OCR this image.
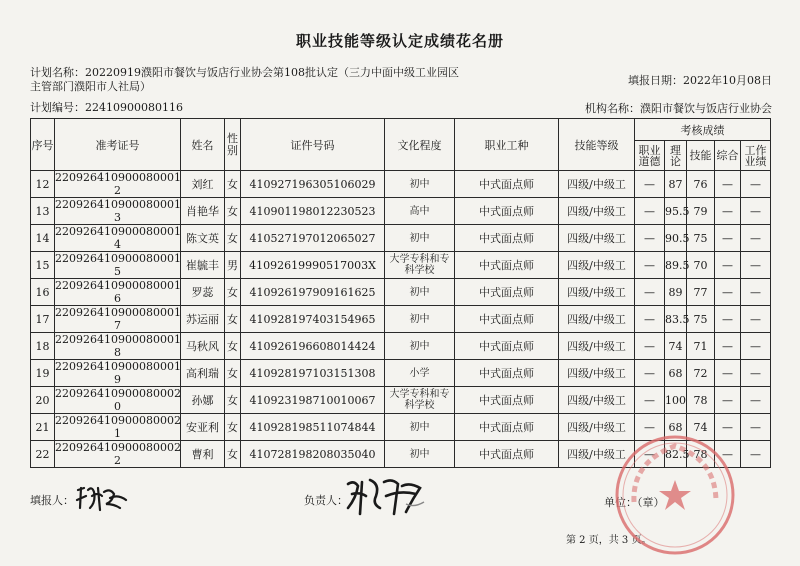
职业技能等级认定成绩花名册
计划名称：20220919濮阳市餐饮与饭店行业协会第108批认定（三力中面中级工业园区
主管部门濮阳市人社局）	填报日期：2022年10月08日
计划编号：22410900080116	机构名称：濮阳市餐饮与饭店行业协会
序号	准考证号	姓名	性别	证件号码	文化程度	职业工种	技能等级	考核成绩				
								职业道德	理论	技能	综合	工作业绩
12	220926410900080001 2	刘红	女	410927196305106029	初中	中式面点师	四级/中级工	—	87	76	—	—
13	220926410900080001 3	肖艳华	女	410901198012230523	高中	中式面点师	四级/中级工	—	95.5	79	—	—
14	220926410900080001 4	陈文英	女	410527197012065027	初中	中式面点师	四级/中级工	—	90.5	75	—	—
15	220926410900080001 5	崔毓丰	男	41092619990517003X	大学专科和专科学校	中式面点师	四级/中级工	—	89.5	70	—	—
16	220926410900080001 6	罗蕊	女	410926197909161625	初中	中式面点师	四级/中级工	—	89	77	—	—
17	220926410900080001 7	苏运丽	女	410928197403154965	初中	中式面点师	四级/中级工	—	83.5	75	—	—
18	220926410900080001 8	马秋风	女	410926196608014424	初中	中式面点师	四级/中级工	—	74	71	—	—
19	220926410900080001 9	高利瑞	女	410928197103151308	小学	中式面点师	四级/中级工	—	68	72	—	—
20	220926410900080002 0	孙娜	女	410923198710010067	大学专科和专科学校	中式面点师	四级/中级工	—	100	78	—	—
21	220926410900080002 1	安亚利	女	410928198511074844	初中	中式面点师	四级/中级工	—	68	74	—	—
22	220926410900080002 2	曹利	女	410728198208035040	初中	中式面点师	四级/中级工	—	82.5	78	—	—
填报人：	负责人：	单位：（章）
第 2 页，共 3 页。
